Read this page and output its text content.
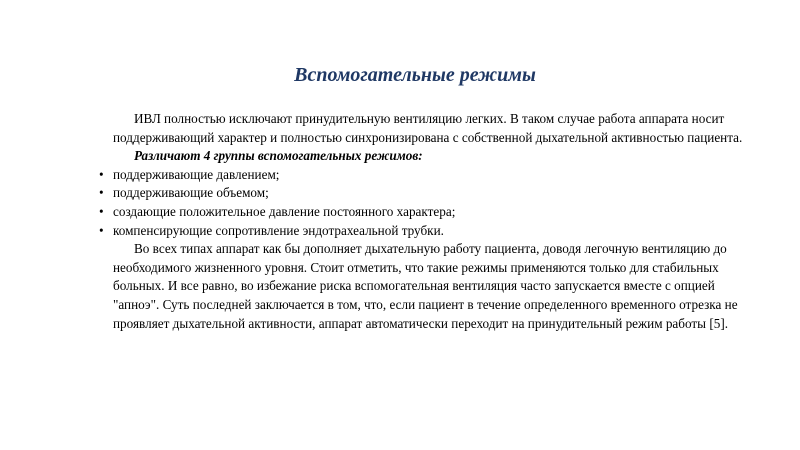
Вспомогательные режимы

ИВЛ полностью исключают принудительную вентиляцию легких. В таком случае работа аппарата носит поддерживающий характер и полностью синхронизирована с собственной дыхательной активностью пациента.

Различают 4 группы вспомогательных режимов:

• поддерживающие давлением;
• поддерживающие объемом;
• создающие положительное давление постоянного характера;
• компенсирующие сопротивление эндотрахеальной трубки.

Во всех типах аппарат как бы дополняет дыхательную работу пациента, доводя легочную вентиляцию до необходимого жизненного уровня. Стоит отметить, что такие режимы применяются только для стабильных больных. И все равно, во избежание риска вспомогательная вентиляция часто запускается вместе с опцией "апноэ". Суть последней заключается в том, что, если пациент в течение определенного временного отрезка не проявляет дыхательной активности, аппарат автоматически переходит на принудительный режим работы [5].
